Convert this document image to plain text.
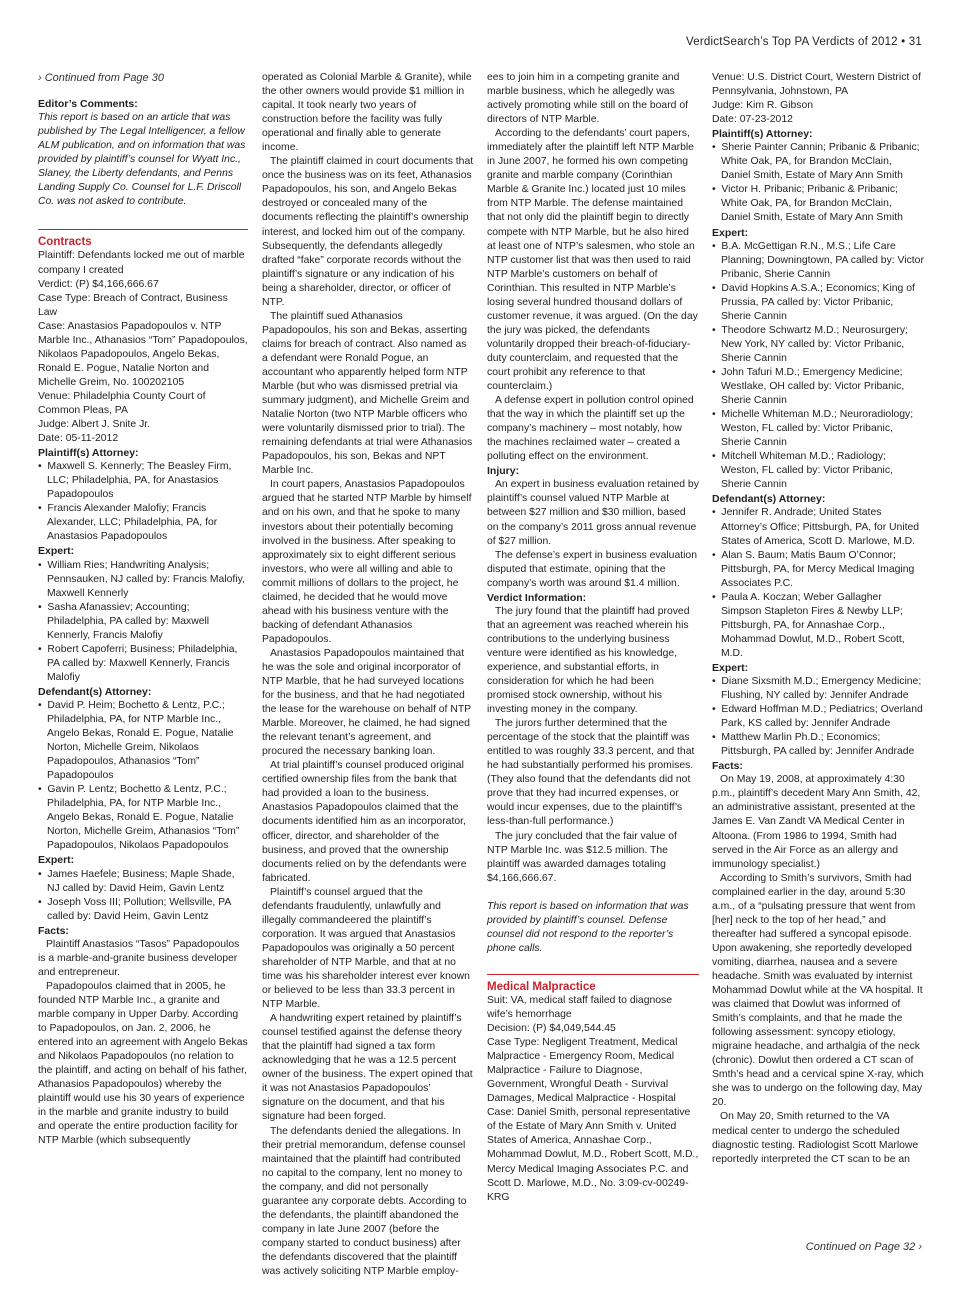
VerdictSearch’s Top PA Verdicts of 2012 • 31

› Continued from Page 30

Editor’s Comments:

This report is based on an article that was published by The Legal Intelligencer, a fellow ALM publication, and on information that was provided by plaintiff’s counsel for Wyatt Inc., Slaney, the Liberty defendants, and Penns Landing Supply Co. Counsel for L.F. Driscoll Co. was not asked to contribute.

Contracts

Plaintiff: Defendants locked me out of marble company I created

Verdict: (P) $4,166,666.67

Case Type: Breach of Contract, Business Law

Case: Anastasios Papadopoulos v. NTP Marble Inc., Athanasios “Tom” Papadopoulos, Nikolaos Papadopoulos, Angelo Bekas, Ronald E. Pogue, Natalie Norton and Michelle Greim, No. 100202105

Venue: Philadelphia County Court of Common Pleas, PA

Judge: Albert J. Snite Jr.

Date: 05-11-2012

Plaintiff(s) Attorney:

•  Maxwell S. Kennerly; The Beasley Firm, LLC; Philadelphia, PA, for Anastasios Papadopoulos
•  Francis Alexander Malofiy; Francis Alexander, LLC; Philadelphia, PA, for Anastasios Papadopoulos

Expert:

•  William Ries; Handwriting Analysis; Pennsauken, NJ called by: Francis Malofiy, Maxwell Kennerly
•  Sasha Afanassiev; Accounting; Philadelphia, PA called by: Maxwell Kennerly, Francis Malofiy
•  Robert Capoferri; Business; Philadelphia, PA called by: Maxwell Kennerly, Francis Malofiy

Defendant(s) Attorney:

•  David P. Heim; Bochetto & Lentz, P.C.; Philadelphia, PA, for NTP Marble Inc., Angelo Bekas, Ronald E. Pogue, Natalie Norton, Michelle Greim, Nikolaos Papadopoulos, Athanasios “Tom” Papadopoulos
•  Gavin P. Lentz; Bochetto & Lentz, P.C.; Philadelphia, PA, for NTP Marble Inc., Angelo Bekas, Ronald E. Pogue, Natalie Norton, Michelle Greim, Athanasios “Tom” Papadopoulos, Nikolaos Papadopoulos

Expert:

•  James Haefele; Business; Maple Shade, NJ called by: David Heim, Gavin Lentz
•  Joseph Voss III; Pollution; Wellsville, PA called by: David Heim, Gavin Lentz

Facts:

Plaintiff Anastasios “Tasos” Papadopoulos is a marble-and-granite business developer and entrepreneur.

Papadopoulos claimed that in 2005, he founded NTP Marble Inc., a granite and marble company in Upper Darby. According to Papadopoulos, on Jan. 2, 2006, he entered into an agreement with Angelo Bekas and Nikolaos Papadopoulos (no relation to the plaintiff, and acting on behalf of his father, Athanasios Papadopoulos) whereby the plaintiff would use his 30 years of experience in the marble and granite industry to build and operate the entire production facility for NTP Marble (which subsequently

operated as Colonial Marble & Granite), while the other owners would provide $1 million in capital. It took nearly two years of construction before the facility was fully operational and finally able to generate income.

The plaintiff claimed in court documents that once the business was on its feet, Athanasios Papadopoulos, his son, and Angelo Bekas destroyed or concealed many of the documents reflecting the plaintiff’s ownership interest, and locked him out of the company. Subsequently, the defendants allegedly drafted “fake” corporate records without the plaintiff’s signature or any indication of his being a shareholder, director, or officer of NTP.

The plaintiff sued Athanasios Papadopoulos, his son and Bekas, asserting claims for breach of contract. Also named as a defendant were Ronald Pogue, an accountant who apparently helped form NTP Marble (but who was dismissed pretrial via summary judgment), and Michelle Greim and Natalie Norton (two NTP Marble officers who were voluntarily dismissed prior to trial). The remaining defendants at trial were Athanasios Papadopoulos, his son, Bekas and NPT Marble Inc.

In court papers, Anastasios Papadopoulos argued that he started NTP Marble by himself and on his own, and that he spoke to many investors about their potentially becoming involved in the business. After speaking to approximately six to eight different serious investors, who were all willing and able to commit millions of dollars to the project, he claimed, he decided that he would move ahead with his business venture with the backing of defendant Athanasios Papadopoulos.

Anastasios Papadopoulos maintained that he was the sole and original incorporator of NTP Marble, that he had surveyed locations for the business, and that he had negotiated the lease for the warehouse on behalf of NTP Marble. Moreover, he claimed, he had signed the relevant tenant’s agreement, and procured the necessary banking loan.

At trial plaintiff’s counsel produced original certified ownership files from the bank that had provided a loan to the business. Anastasios Papadopoulos claimed that the documents identified him as an incorporator, officer, director, and shareholder of the business, and proved that the ownership documents relied on by the defendants were fabricated.

Plaintiff’s counsel argued that the defendants fraudulently, unlawfully and illegally commandeered the plaintiff’s corporation. It was argued that Anastasios Papadopoulos was originally a 50 percent shareholder of NTP Marble, and that at no time was his shareholder interest ever known or believed to be less than 33.3 percent in NTP Marble.

A handwriting expert retained by plaintiff’s counsel testified against the defense theory that the plaintiff had signed a tax form acknowledging that he was a 12.5 percent owner of the business. The expert opined that it was not Anastasios Papadopoulos’ signature on the document, and that his signature had been forged.

The defendants denied the allegations. In their pretrial memorandum, defense counsel maintained that the plaintiff had contributed no capital to the company, lent no money to the company, and did not personally guarantee any corporate debts. According to the defendants, the plaintiff abandoned the company in late June 2007 (before the company started to conduct business) after the defendants discovered that the plaintiff was actively soliciting NTP Marble employ-

ees to join him in a competing granite and marble business, which he allegedly was actively promoting while still on the board of directors of NTP Marble.

According to the defendants’ court papers, immediately after the plaintiff left NTP Marble in June 2007, he formed his own competing granite and marble company (Corinthian Marble & Granite Inc.) located just 10 miles from NTP Marble. The defense maintained that not only did the plaintiff begin to directly compete with NTP Marble, but he also hired at least one of NTP’s salesmen, who stole an NTP customer list that was then used to raid NTP Marble’s customers on behalf of Corinthian. This resulted in NTP Marble’s losing several hundred thousand dollars of customer revenue, it was argued. (On the day the jury was picked, the defendants voluntarily dropped their breach-of-fiduciary-duty counterclaim, and requested that the court prohibit any reference to that counterclaim.)

A defense expert in pollution control opined that the way in which the plaintiff set up the company’s machinery – most notably, how the machines reclaimed water – created a polluting effect on the environment.

Injury:

An expert in business evaluation retained by plaintiff’s counsel valued NTP Marble at between $27 million and $30 million, based on the company’s 2011 gross annual revenue of $27 million.

The defense’s expert in business evaluation disputed that estimate, opining that the company’s worth was around $1.4 million.

Verdict Information:

The jury found that the plaintiff had proved that an agreement was reached wherein his contributions to the underlying business venture were identified as his knowledge, experience, and substantial efforts, in consideration for which he had been promised stock ownership, without his investing money in the company.

The jurors further determined that the percentage of the stock that the plaintiff was entitled to was roughly 33.3 percent, and that he had substantially performed his promises. (They also found that the defendants did not prove that they had incurred expenses, or would incur expenses, due to the plaintiff’s less-than-full performance.)

The jury concluded that the fair value of NTP Marble Inc. was $12.5 million. The plaintiff was awarded damages totaling $4,166,666.67.

This report is based on information that was provided by plaintiff’s counsel. Defense counsel did not respond to the reporter’s phone calls.

Medical Malpractice

Suit: VA, medical staff failed to diagnose wife’s hemorrhage

Decision: (P) $4,049,544.45

Case Type: Negligent Treatment, Medical Malpractice - Emergency Room, Medical Malpractice - Failure to Diagnose, Government, Wrongful Death - Survival Damages, Medical Malpractice - Hospital

Case: Daniel Smith, personal representative of the Estate of Mary Ann Smith v. United States of America, Annashae Corp., Mohammad Dowlut, M.D., Robert Scott, M.D., Mercy Medical Imaging Associates P.C. and Scott D. Marlowe, M.D., No. 3:09-cv-00249-KRG

Venue: U.S. District Court, Western District of Pennsylvania, Johnstown, PA

Judge: Kim R. Gibson

Date: 07-23-2012

Plaintiff(s) Attorney:

•  Sherie Painter Cannin; Pribanic & Pribanic; White Oak, PA, for Brandon McClain, Daniel Smith, Estate of Mary Ann Smith
•  Victor H. Pribanic; Pribanic & Pribanic; White Oak, PA, for Brandon McClain, Daniel Smith, Estate of Mary Ann Smith

Expert:

•  B.A. McGettigan R.N., M.S.; Life Care Planning; Downingtown, PA called by: Victor Pribanic, Sherie Cannin
•  David Hopkins A.S.A.; Economics; King of Prussia, PA called by: Victor Pribanic, Sherie Cannin
•  Theodore Schwartz M.D.; Neurosurgery; New York, NY called by: Victor Pribanic, Sherie Cannin
•  John Tafuri M.D.; Emergency Medicine; Westlake, OH called by: Victor Pribanic, Sherie Cannin
•  Michelle Whiteman M.D.; Neuroradiology; Weston, FL called by: Victor Pribanic, Sherie Cannin
•  Mitchell Whiteman M.D.; Radiology; Weston, FL called by: Victor Pribanic, Sherie Cannin

Defendant(s) Attorney:

•  Jennifer R. Andrade; United States Attorney’s Office; Pittsburgh, PA, for United States of America, Scott D. Marlowe, M.D.
•  Alan S. Baum; Matis Baum O’Connor; Pittsburgh, PA, for Mercy Medical Imaging Associates P.C.
•  Paula A. Koczan; Weber Gallagher Simpson Stapleton Fires & Newby LLP; Pittsburgh, PA, for Annashae Corp., Mohammad Dowlut, M.D., Robert Scott, M.D.

Expert:

•  Diane Sixsmith M.D.; Emergency Medicine; Flushing, NY called by: Jennifer Andrade
•  Edward Hoffman M.D.; Pediatrics; Overland Park, KS called by: Jennifer Andrade
•  Matthew Marlin Ph.D.; Economics; Pittsburgh, PA called by: Jennifer Andrade

Facts:

On May 19, 2008, at approximately 4:30 p.m., plaintiff’s decedent Mary Ann Smith, 42, an administrative assistant, presented at the James E. Van Zandt VA Medical Center in Altoona. (From 1986 to 1994, Smith had served in the Air Force as an allergy and immunology specialist.)

According to Smith’s survivors, Smith had complained earlier in the day, around 5:30 a.m., of a “pulsating pressure that went from [her] neck to the top of her head,” and thereafter had suffered a syncopal episode. Upon awakening, she reportedly developed vomiting, diarrhea, nausea and a severe headache. Smith was evaluated by internist Mohammad Dowlut while at the VA hospital. It was claimed that Dowlut was informed of Smith’s complaints, and that he made the following assessment: syncopy etiology, migraine headache, and arthalgia of the neck (chronic). Dowlut then ordered a CT scan of Smth’s head and a cervical spine X-ray, which she was to undergo on the following day, May 20.

On May 20, Smith returned to the VA medical center to undergo the scheduled diagnostic testing. Radiologist Scott Marlowe reportedly interpreted the CT scan to be an

Continued on Page 32 ›
